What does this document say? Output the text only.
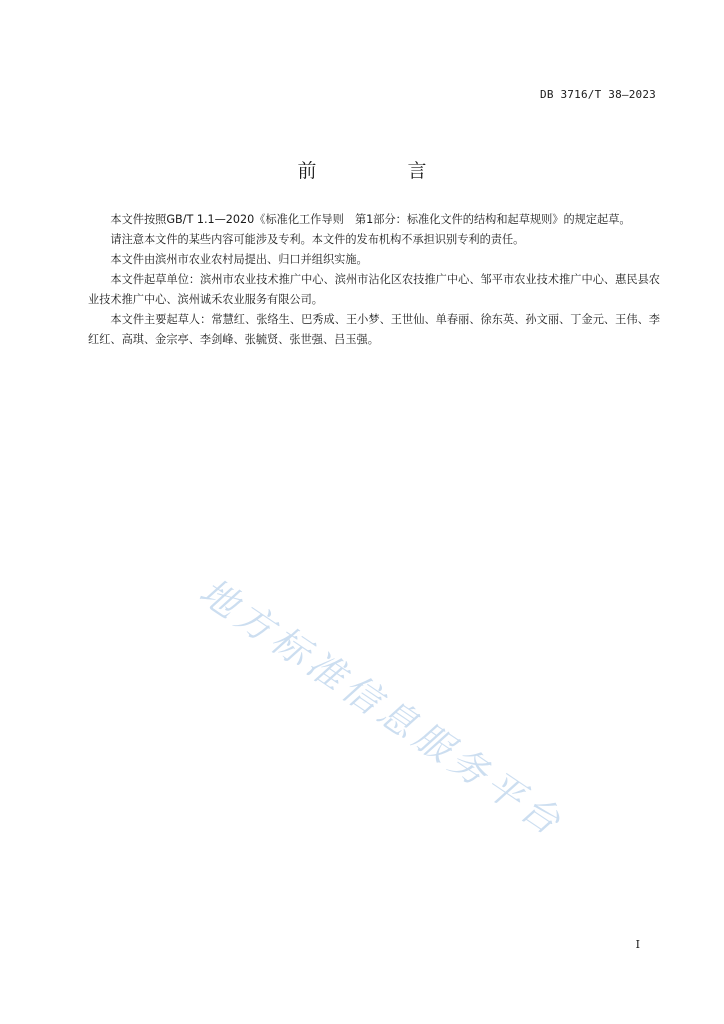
DB 3716/T 38—2023
前　言

本文件按照GB/T 1.1—2020《标准化工作导则　第1部分：标准化文件的结构和起草规则》的规定起草。

请注意本文件的某些内容可能涉及专利。本文件的发布机构不承担识别专利的责任。

本文件由滨州市农业农村局提出、归口并组织实施。

本文件起草单位：滨州市农业技术推广中心、滨州市沾化区农技推广中心、邹平市农业技术推广中心、惠民县农业技术推广中心、滨州诚禾农业服务有限公司。

本文件主要起草人：常慧红、张络生、巴秀成、王小梦、王世仙、单春丽、徐东英、孙文丽、丁金元、王伟、李红红、高琪、金宗亭、李剑峰、张毓贤、张世强、吕玉强。

地方标准信息服务平台
I
